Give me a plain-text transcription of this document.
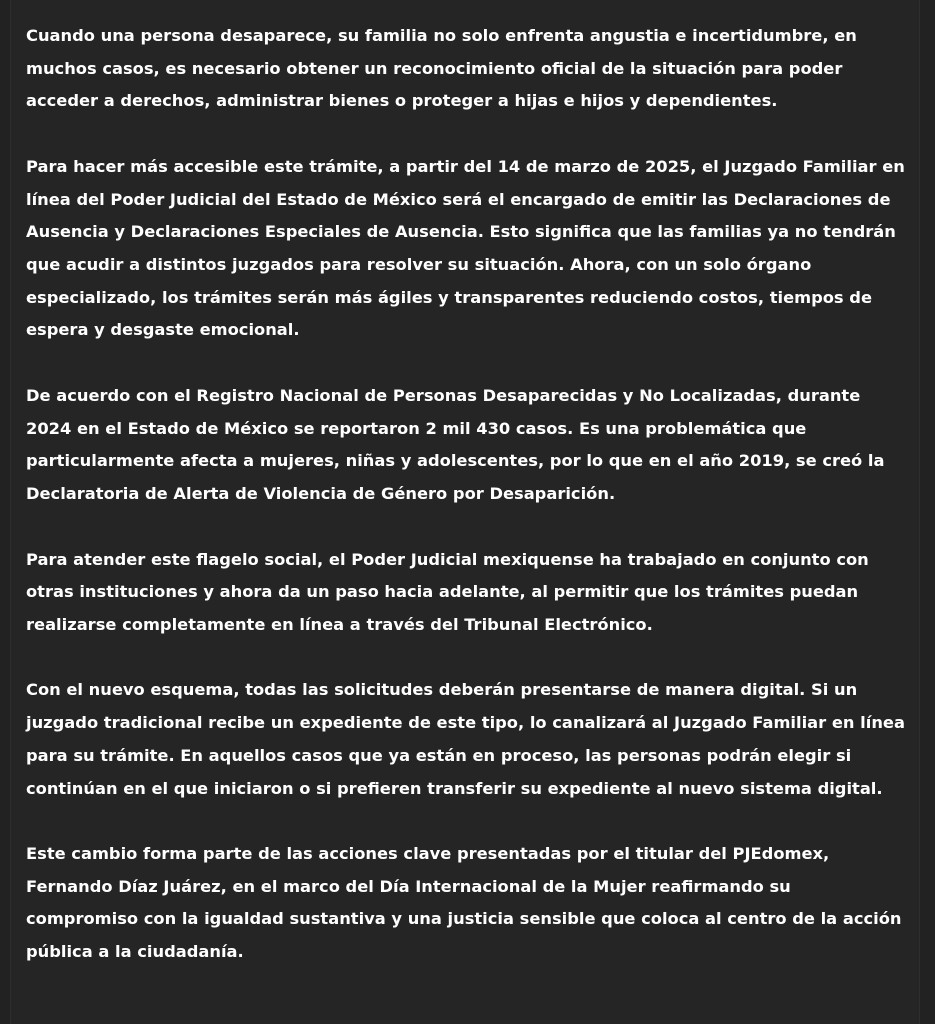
Cuando una persona desaparece, su familia no solo enfrenta angustia e incertidumbre, en muchos casos, es necesario obtener un reconocimiento oficial de la situación para poder acceder a derechos, administrar bienes o proteger a hijas e hijos y dependientes.

Para hacer más accesible este trámite, a partir del 14 de marzo de 2025, el Juzgado Familiar en línea del Poder Judicial del Estado de México será el encargado de emitir las Declaraciones de Ausencia y Declaraciones Especiales de Ausencia. Esto significa que las familias ya no tendrán que acudir a distintos juzgados para resolver su situación. Ahora, con un solo órgano especializado, los trámites serán más ágiles y transparentes reduciendo costos, tiempos de espera y desgaste emocional.

De acuerdo con el Registro Nacional de Personas Desaparecidas y No Localizadas, durante 2024 en el Estado de México se reportaron 2 mil 430 casos. Es una problemática que particularmente afecta a mujeres, niñas y adolescentes, por lo que en el año 2019, se creó la Declaratoria de Alerta de Violencia de Género por Desaparición.

Para atender este flagelo social, el Poder Judicial mexiquense ha trabajado en conjunto con otras instituciones y ahora da un paso hacia adelante, al permitir que los trámites puedan realizarse completamente en línea a través del Tribunal Electrónico.

Con el nuevo esquema, todas las solicitudes deberán presentarse de manera digital. Si un juzgado tradicional recibe un expediente de este tipo, lo canalizará al Juzgado Familiar en línea para su trámite. En aquellos casos que ya están en proceso, las personas podrán elegir si continúan en el que iniciaron o si prefieren transferir su expediente al nuevo sistema digital.

Este cambio forma parte de las acciones clave presentadas por el titular del PJEdomex, Fernando Díaz Juárez, en el marco del Día Internacional de la Mujer reafirmando su compromiso con la igualdad sustantiva y una justicia sensible que coloca al centro de la acción pública a la ciudadanía.
